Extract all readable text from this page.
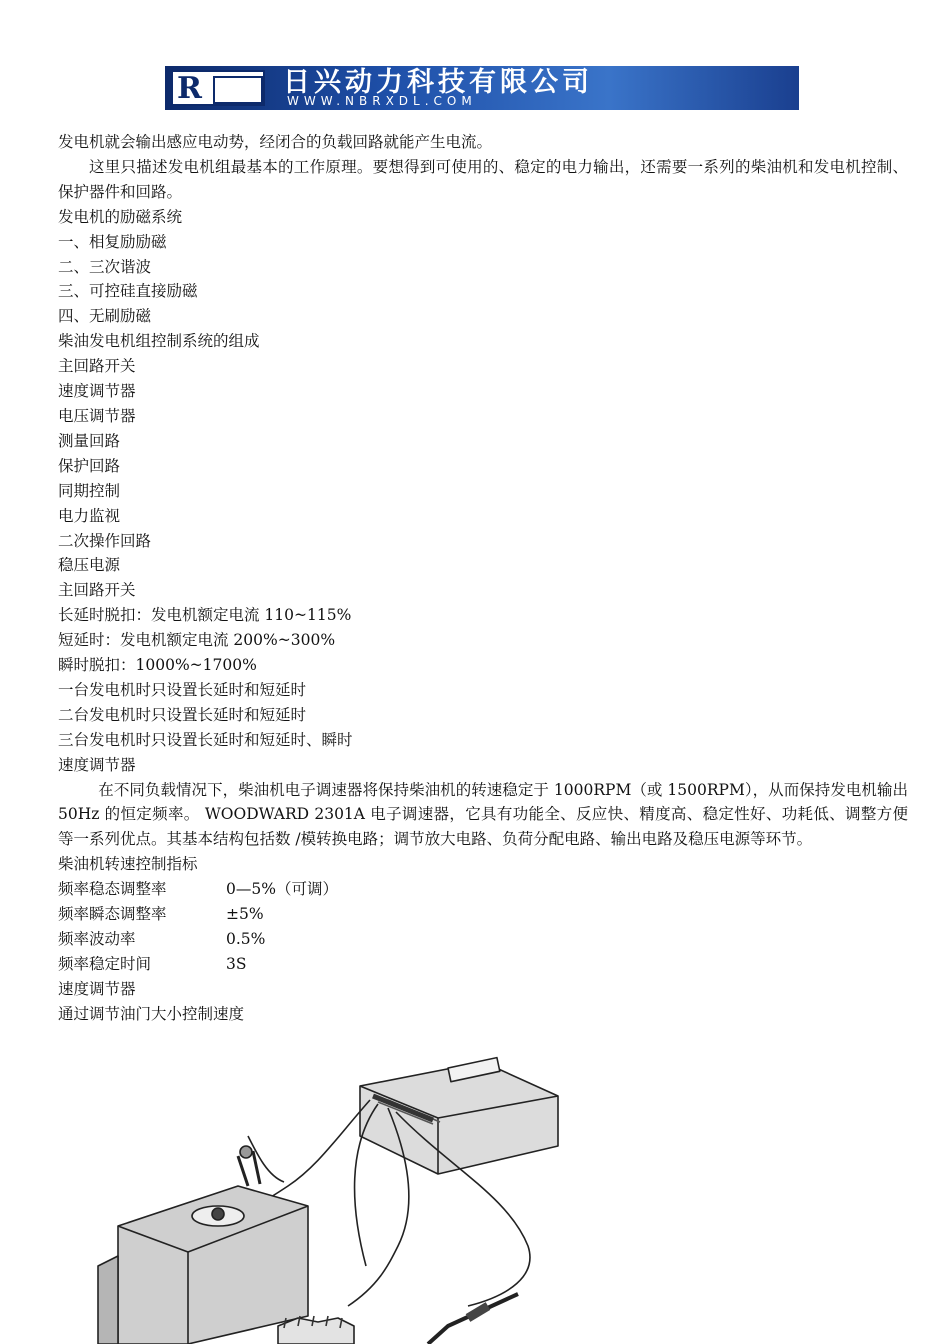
R	日兴动力科技有限公司
WWW.NBRXDL.COM

发电机就会输出感应电动势，经闭合的负载回路就能产生电流。

这里只描述发电机组最基本的工作原理。要想得到可使用的、稳定的电力输出，还需要一系列的柴油机和发电机控制、保护器件和回路。

发电机的励磁系统

一、相复励励磁

二、三次谐波

三、可控硅直接励磁

四、无刷励磁

柴油发电机组控制系统的组成

主回路开关

速度调节器

电压调节器

测量回路

保护回路

同期控制

电力监视

二次操作回路

稳压电源

主回路开关

长延时脱扣：发电机额定电流 110~115%

短延时：发电机额定电流 200%~300%

瞬时脱扣：1000%~1700%

一台发电机时只设置长延时和短延时

二台发电机时只设置长延时和短延时

三台发电机时只设置长延时和短延时、瞬时

速度调节器

在不同负载情况下，柴油机电子调速器将保持柴油机的转速稳定于 1000RPM（或 1500RPM），从而保持发电机输出 50Hz 的恒定频率。 WOODWARD 2301A 电子调速器，它具有功能全、反应快、精度高、稳定性好、功耗低、调整方便等一系列优点。其基本结构包括数 /模转换电路；调节放大电路、负荷分配电路、输出电路及稳压电源等环节。

柴油机转速控制指标

频率稳态调整率	0—5%（可调）
频率瞬态调整率	±5%
频率波动率	0.5%
频率稳定时间	3S

速度调节器

通过调节油门大小控制速度
